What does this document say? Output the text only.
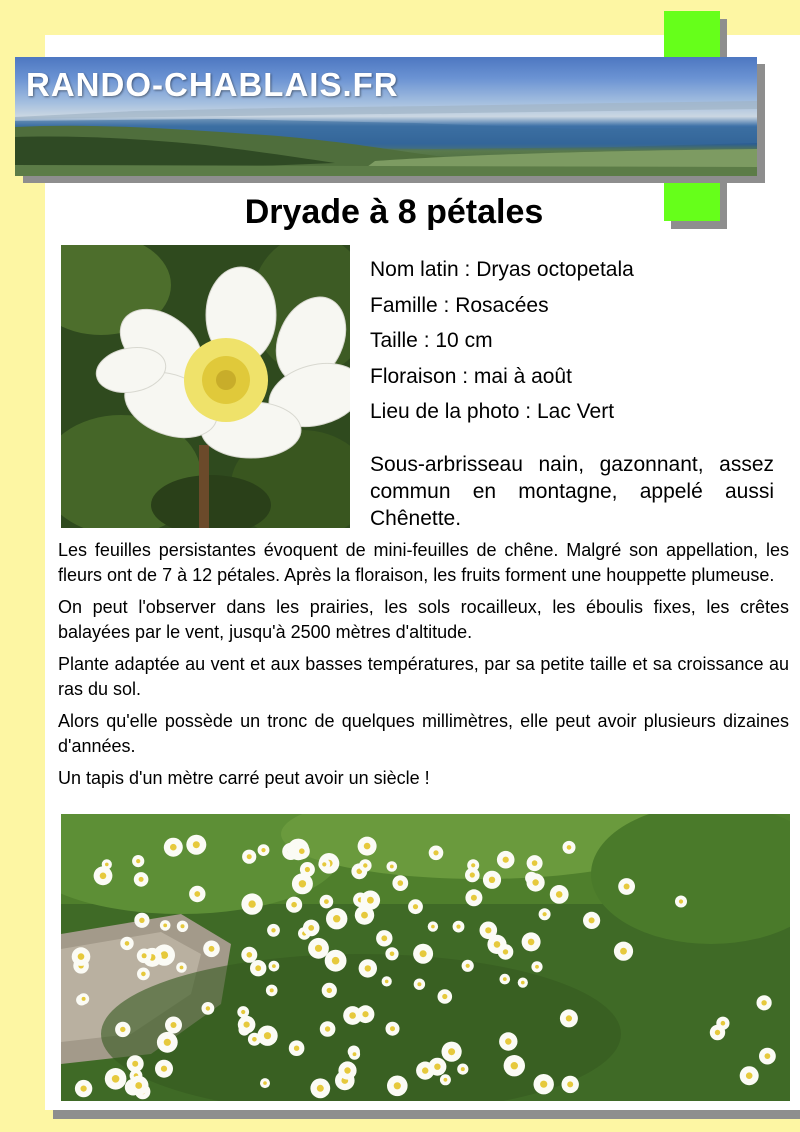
RANDO-CHABLAIS.FR
Dryade à 8 pétales
Nom latin : Dryas octopetala
Famille : Rosacées
Taille : 10 cm
Floraison : mai à août
Lieu de la photo : Lac Vert

Sous-arbrisseau nain, gazonnant, assez commun en montagne, appelé aussi Chênette.

Les feuilles persistantes évoquent de mini-feuilles de chêne. Malgré son appellation, les fleurs ont de 7 à 12 pétales. Après la floraison, les fruits forment une houppette plumeuse.

On peut l'observer dans les prairies, les sols rocailleux, les éboulis fixes, les crêtes balayées par le vent, jusqu'à 2500 mètres d'altitude.

Plante adaptée au vent et aux basses températures, par sa petite taille et sa croissance au ras du sol.

Alors qu'elle possède un tronc de quelques millimètres, elle peut avoir plusieurs dizaines d'années.

Un tapis d'un mètre carré peut avoir un siècle !
